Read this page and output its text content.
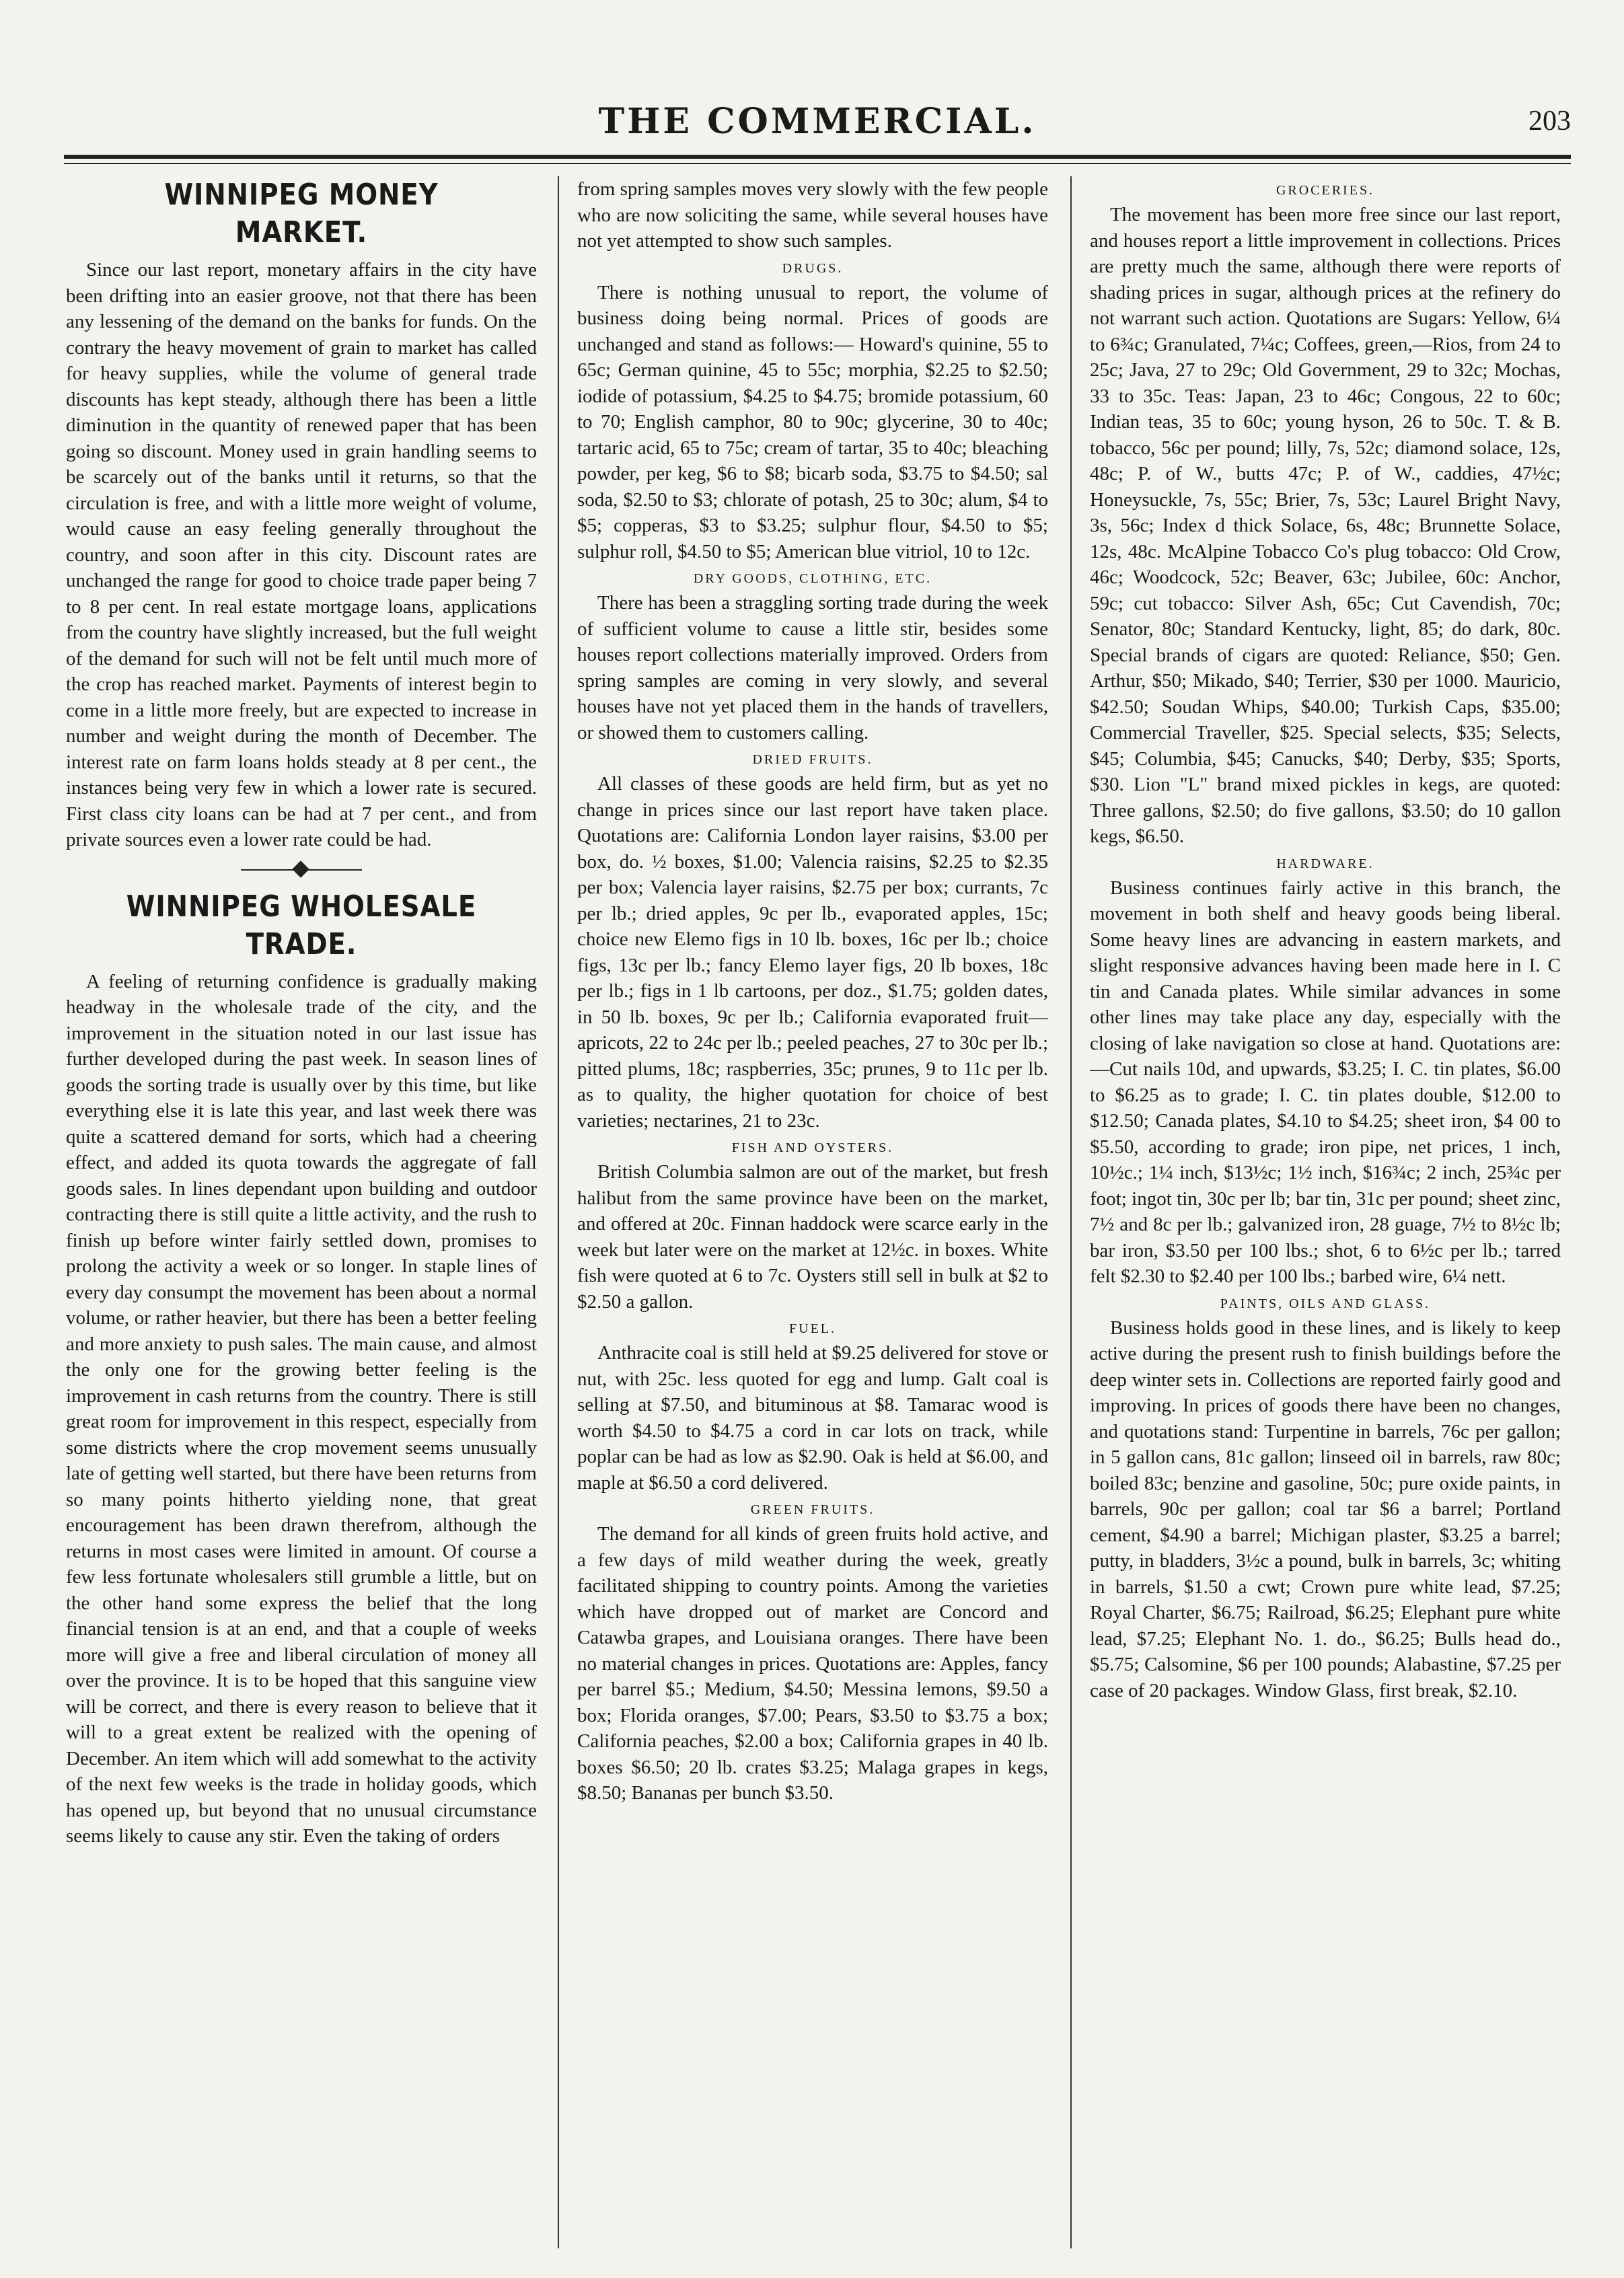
THE COMMERCIAL.	203
WINNIPEG MONEY MARKET.

Since our last report, monetary affairs in the city have been drifting into an easier groove, not that there has been any lessening of the demand on the banks for funds. On the contrary the heavy movement of grain to market has called for heavy supplies, while the volume of general trade discounts has kept steady, although there has been a little diminution in the quantity of renewed paper that has been going so discount. Money used in grain handling seems to be scarcely out of the banks until it returns, so that the circulation is free, and with a little more weight of volume, would cause an easy feeling generally throughout the country, and soon after in this city. Discount rates are unchanged the range for good to choice trade paper being 7 to 8 per cent. In real estate mortgage loans, applications from the country have slightly increased, but the full weight of the demand for such will not be felt until much more of the crop has reached market. Payments of interest begin to come in a little more freely, but are expected to increase in number and weight during the month of December. The interest rate on farm loans holds steady at 8 per cent., the instances being very few in which a lower rate is secured. First class city loans can be had at 7 per cent., and from private sources even a lower rate could be had.

WINNIPEG WHOLESALE TRADE.

A feeling of returning confidence is gradually making headway in the wholesale trade of the city, and the improvement in the situation noted in our last issue has further developed during the past week. In season lines of goods the sorting trade is usually over by this time, but like everything else it is late this year, and last week there was quite a scattered demand for sorts, which had a cheering effect, and added its quota towards the aggregate of fall goods sales. In lines dependant upon building and outdoor contracting there is still quite a little activity, and the rush to finish up before winter fairly settled down, promises to prolong the activity a week or so longer. In staple lines of every day consumpt the movement has been about a normal volume, or rather heavier, but there has been a better feeling and more anxiety to push sales. The main cause, and almost the only one for the growing better feeling is the improvement in cash returns from the country. There is still great room for improvement in this respect, especially from some districts where the crop movement seems unusually late of getting well started, but there have been returns from so many points hitherto yielding none, that great encouragement has been drawn therefrom, although the returns in most cases were limited in amount. Of course a few less fortunate wholesalers still grumble a little, but on the other hand some express the belief that the long financial tension is at an end, and that a couple of weeks more will give a free and liberal circulation of money all over the province. It is to be hoped that this sanguine view will be correct, and there is every reason to believe that it will to a great extent be realized with the opening of December. An item which will add somewhat to the activity of the next few weeks is the trade in holiday goods, which has opened up, but beyond that no unusual circumstance seems likely to cause any stir. Even the taking of orders

from spring samples moves very slowly with the few people who are now soliciting the same, while several houses have not yet attempted to show such samples.

DRUGS.

There is nothing unusual to report, the volume of business doing being normal. Prices of goods are unchanged and stand as follows:— Howard's quinine, 55 to 65c; German quinine, 45 to 55c; morphia, $2.25 to $2.50; iodide of potassium, $4.25 to $4.75; bromide potassium, 60 to 70; English camphor, 80 to 90c; glycerine, 30 to 40c; tartaric acid, 65 to 75c; cream of tartar, 35 to 40c; bleaching powder, per keg, $6 to $8; bicarb soda, $3.75 to $4.50; sal soda, $2.50 to $3; chlorate of potash, 25 to 30c; alum, $4 to $5; copperas, $3 to $3.25; sulphur flour, $4.50 to $5; sulphur roll, $4.50 to $5; American blue vitriol, 10 to 12c.

DRY GOODS, CLOTHING, ETC.

There has been a straggling sorting trade during the week of sufficient volume to cause a little stir, besides some houses report collections materially improved. Orders from spring samples are coming in very slowly, and several houses have not yet placed them in the hands of travellers, or showed them to customers calling.

DRIED FRUITS.

All classes of these goods are held firm, but as yet no change in prices since our last report have taken place. Quotations are: California London layer raisins, $3.00 per box, do. ½ boxes, $1.00; Valencia raisins, $2.25 to $2.35 per box; Valencia layer raisins, $2.75 per box; currants, 7c per lb.; dried apples, 9c per lb., evaporated apples, 15c; choice new Elemo figs in 10 lb. boxes, 16c per lb.; choice figs, 13c per lb.; fancy Elemo layer figs, 20 lb boxes, 18c per lb.; figs in 1 lb cartoons, per doz., $1.75; golden dates, in 50 lb. boxes, 9c per lb.; California evaporated fruit—apricots, 22 to 24c per lb.; peeled peaches, 27 to 30c per lb.; pitted plums, 18c; raspberries, 35c; prunes, 9 to 11c per lb. as to quality, the higher quotation for choice of best varieties; nectarines, 21 to 23c.

FISH AND OYSTERS.

British Columbia salmon are out of the market, but fresh halibut from the same province have been on the market, and offered at 20c. Finnan haddock were scarce early in the week but later were on the market at 12½c. in boxes. White fish were quoted at 6 to 7c. Oysters still sell in bulk at $2 to $2.50 a gallon.

FUEL.

Anthracite coal is still held at $9.25 delivered for stove or nut, with 25c. less quoted for egg and lump. Galt coal is selling at $7.50, and bituminous at $8. Tamarac wood is worth $4.50 to $4.75 a cord in car lots on track, while poplar can be had as low as $2.90. Oak is held at $6.00, and maple at $6.50 a cord delivered.

GREEN FRUITS.

The demand for all kinds of green fruits hold active, and a few days of mild weather during the week, greatly facilitated shipping to country points. Among the varieties which have dropped out of market are Concord and Catawba grapes, and Louisiana oranges. There have been no material changes in prices. Quotations are: Apples, fancy per barrel $5.; Medium, $4.50; Messina lemons, $9.50 a box; Florida oranges, $7.00; Pears, $3.50 to $3.75 a box; California peaches, $2.00 a box; California grapes in 40 lb. boxes $6.50; 20 lb. crates $3.25; Malaga grapes in kegs, $8.50; Bananas per bunch $3.50.

GROCERIES.

The movement has been more free since our last report, and houses report a little improvement in collections. Prices are pretty much the same, although there were reports of shading prices in sugar, although prices at the refinery do not warrant such action. Quotations are Sugars: Yellow, 6¼ to 6¾c; Granulated, 7¼c; Coffees, green,—Rios, from 24 to 25c; Java, 27 to 29c; Old Government, 29 to 32c; Mochas, 33 to 35c. Teas: Japan, 23 to 46c; Congous, 22 to 60c; Indian teas, 35 to 60c; young hyson, 26 to 50c. T. & B. tobacco, 56c per pound; lilly, 7s, 52c; diamond solace, 12s, 48c; P. of W., butts 47c; P. of W., caddies, 47½c; Honeysuckle, 7s, 55c; Brier, 7s, 53c; Laurel Bright Navy, 3s, 56c; Index d thick Solace, 6s, 48c; Brunnette Solace, 12s, 48c. McAlpine Tobacco Co's plug tobacco: Old Crow, 46c; Woodcock, 52c; Beaver, 63c; Jubilee, 60c: Anchor, 59c; cut tobacco: Silver Ash, 65c; Cut Cavendish, 70c; Senator, 80c; Standard Kentucky, light, 85; do dark, 80c. Special brands of cigars are quoted: Reliance, $50; Gen. Arthur, $50; Mikado, $40; Terrier, $30 per 1000. Mauricio, $42.50; Soudan Whips, $40.00; Turkish Caps, $35.00; Commercial Traveller, $25. Special selects, $35; Selects, $45; Columbia, $45; Canucks, $40; Derby, $35; Sports, $30. Lion "L" brand mixed pickles in kegs, are quoted: Three gallons, $2.50; do five gallons, $3.50; do 10 gallon kegs, $6.50.

HARDWARE.

Business continues fairly active in this branch, the movement in both shelf and heavy goods being liberal. Some heavy lines are advancing in eastern markets, and slight responsive advances having been made here in I. C tin and Canada plates. While similar advances in some other lines may take place any day, especially with the closing of lake navigation so close at hand. Quotations are:—Cut nails 10d, and upwards, $3.25; I. C. tin plates, $6.00 to $6.25 as to grade; I. C. tin plates double, $12.00 to $12.50; Canada plates, $4.10 to $4.25; sheet iron, $4 00 to $5.50, according to grade; iron pipe, net prices, 1 inch, 10½c.; 1¼ inch, $13½c; 1½ inch, $16¾c; 2 inch, 25¾c per foot; ingot tin, 30c per lb; bar tin, 31c per pound; sheet zinc, 7½ and 8c per lb.; galvanized iron, 28 guage, 7½ to 8½c lb; bar iron, $3.50 per 100 lbs.; shot, 6 to 6½c per lb.; tarred felt $2.30 to $2.40 per 100 lbs.; barbed wire, 6¼ nett.

PAINTS, OILS AND GLASS.

Business holds good in these lines, and is likely to keep active during the present rush to finish buildings before the deep winter sets in. Collections are reported fairly good and improving. In prices of goods there have been no changes, and quotations stand: Turpentine in barrels, 76c per gallon; in 5 gallon cans, 81c gallon; linseed oil in barrels, raw 80c; boiled 83c; benzine and gasoline, 50c; pure oxide paints, in barrels, 90c per gallon; coal tar $6 a barrel; Portland cement, $4.90 a barrel; Michigan plaster, $3.25 a barrel; putty, in bladders, 3½c a pound, bulk in barrels, 3c; whiting in barrels, $1.50 a cwt; Crown pure white lead, $7.25; Royal Charter, $6.75; Railroad, $6.25; Elephant pure white lead, $7.25; Elephant No. 1. do., $6.25; Bulls head do., $5.75; Calsomine, $6 per 100 pounds; Alabastine, $7.25 per case of 20 packages. Window Glass, first break, $2.10.
